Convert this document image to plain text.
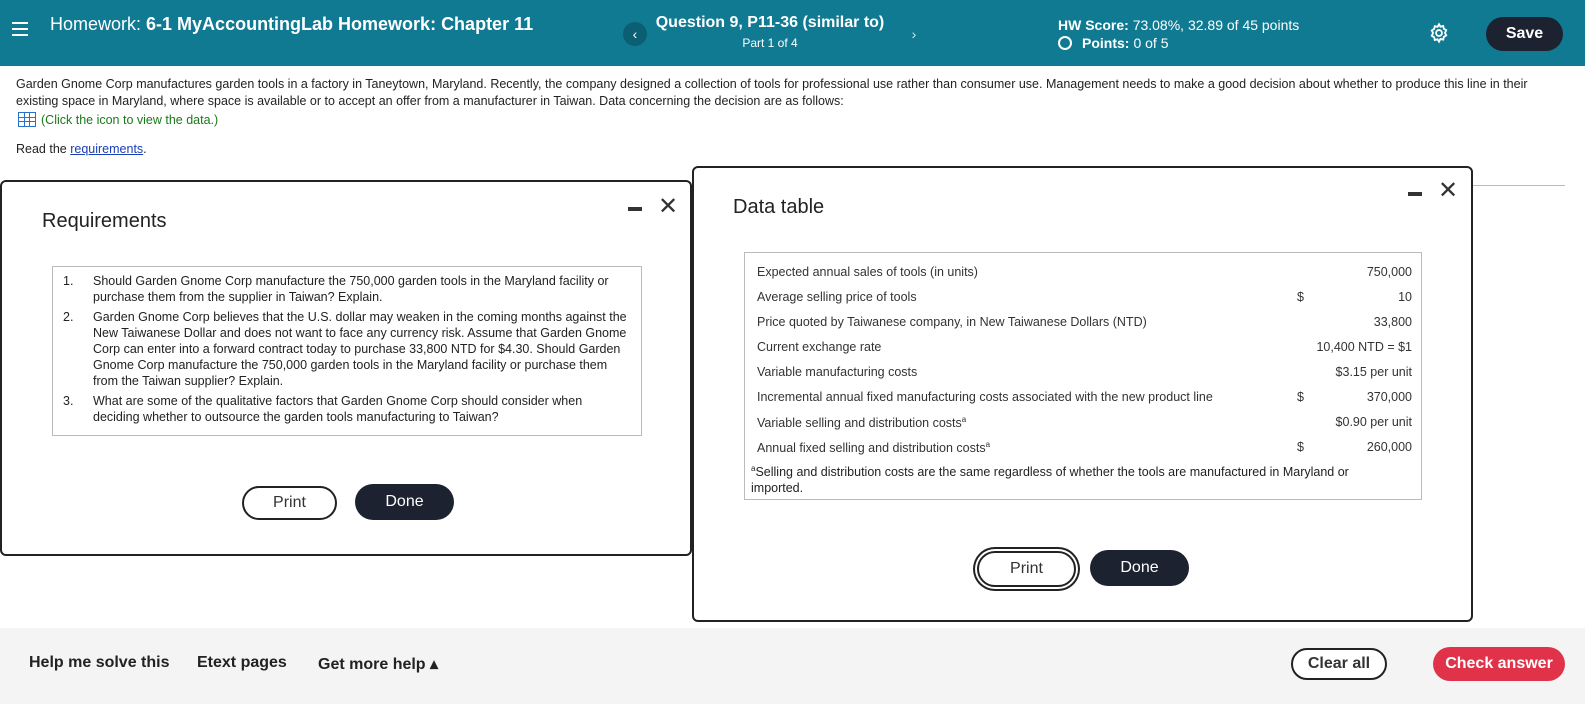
Homework: 6-1 MyAccountingLab Homework: Chapter 11	‹
Question 9, P11-36 (similar to)
Part 1 of 4
›
HW Score: 73.08%, 32.89 of 45 points
Points: 0 of 5
Save
Garden Gnome Corp manufactures garden tools in a factory in Taneytown, Maryland. Recently, the company designed a collection of tools for professional use rather than consumer use. Management needs to make a good decision about whether to produce this line in their existing space in Maryland, where space is available or to accept an offer from a manufacturer in Taiwan. Data concerning the decision are as follows:
(Click the icon to view the data.)
Read the requirements.
Requirements
✕
1.	Should Garden Gnome Corp manufacture the 750,000 garden tools in the Maryland facility or purchase them from the supplier in Taiwan? Explain.
2.	Garden Gnome Corp believes that the U.S. dollar may weaken in the coming months against the New Taiwanese Dollar and does not want to face any currency risk. Assume that Garden Gnome Corp can enter into a forward contract today to purchase 33,800 NTD for $4.30. Should Garden Gnome Corp manufacture the 750,000 garden tools in the Maryland facility or purchase them from the Taiwan supplier? Explain.
3.	What are some of the qualitative factors that Garden Gnome Corp should consider when deciding whether to outsource the garden tools manufacturing to Taiwan?
Print	Done
Data table
✕
Expected annual sales of tools (in units)	750,000
Average selling price of tools	$	10
Price quoted by Taiwanese company, in New Taiwanese Dollars (NTD)	33,800
Current exchange rate	10,400 NTD = $1
Variable manufacturing costs	$3.15 per unit
Incremental annual fixed manufacturing costs associated with the new product line	$	370,000
Variable selling and distribution costs$^a$	$0.90 per unit
Annual fixed selling and distribution costs$^a$	$	260,000
$^a$Selling and distribution costs are the same regardless of whether the tools are manufactured in Maryland or imported.
Print	Done
Help me solve this Etext pages Get more help ▴	Clear all	Check answer
